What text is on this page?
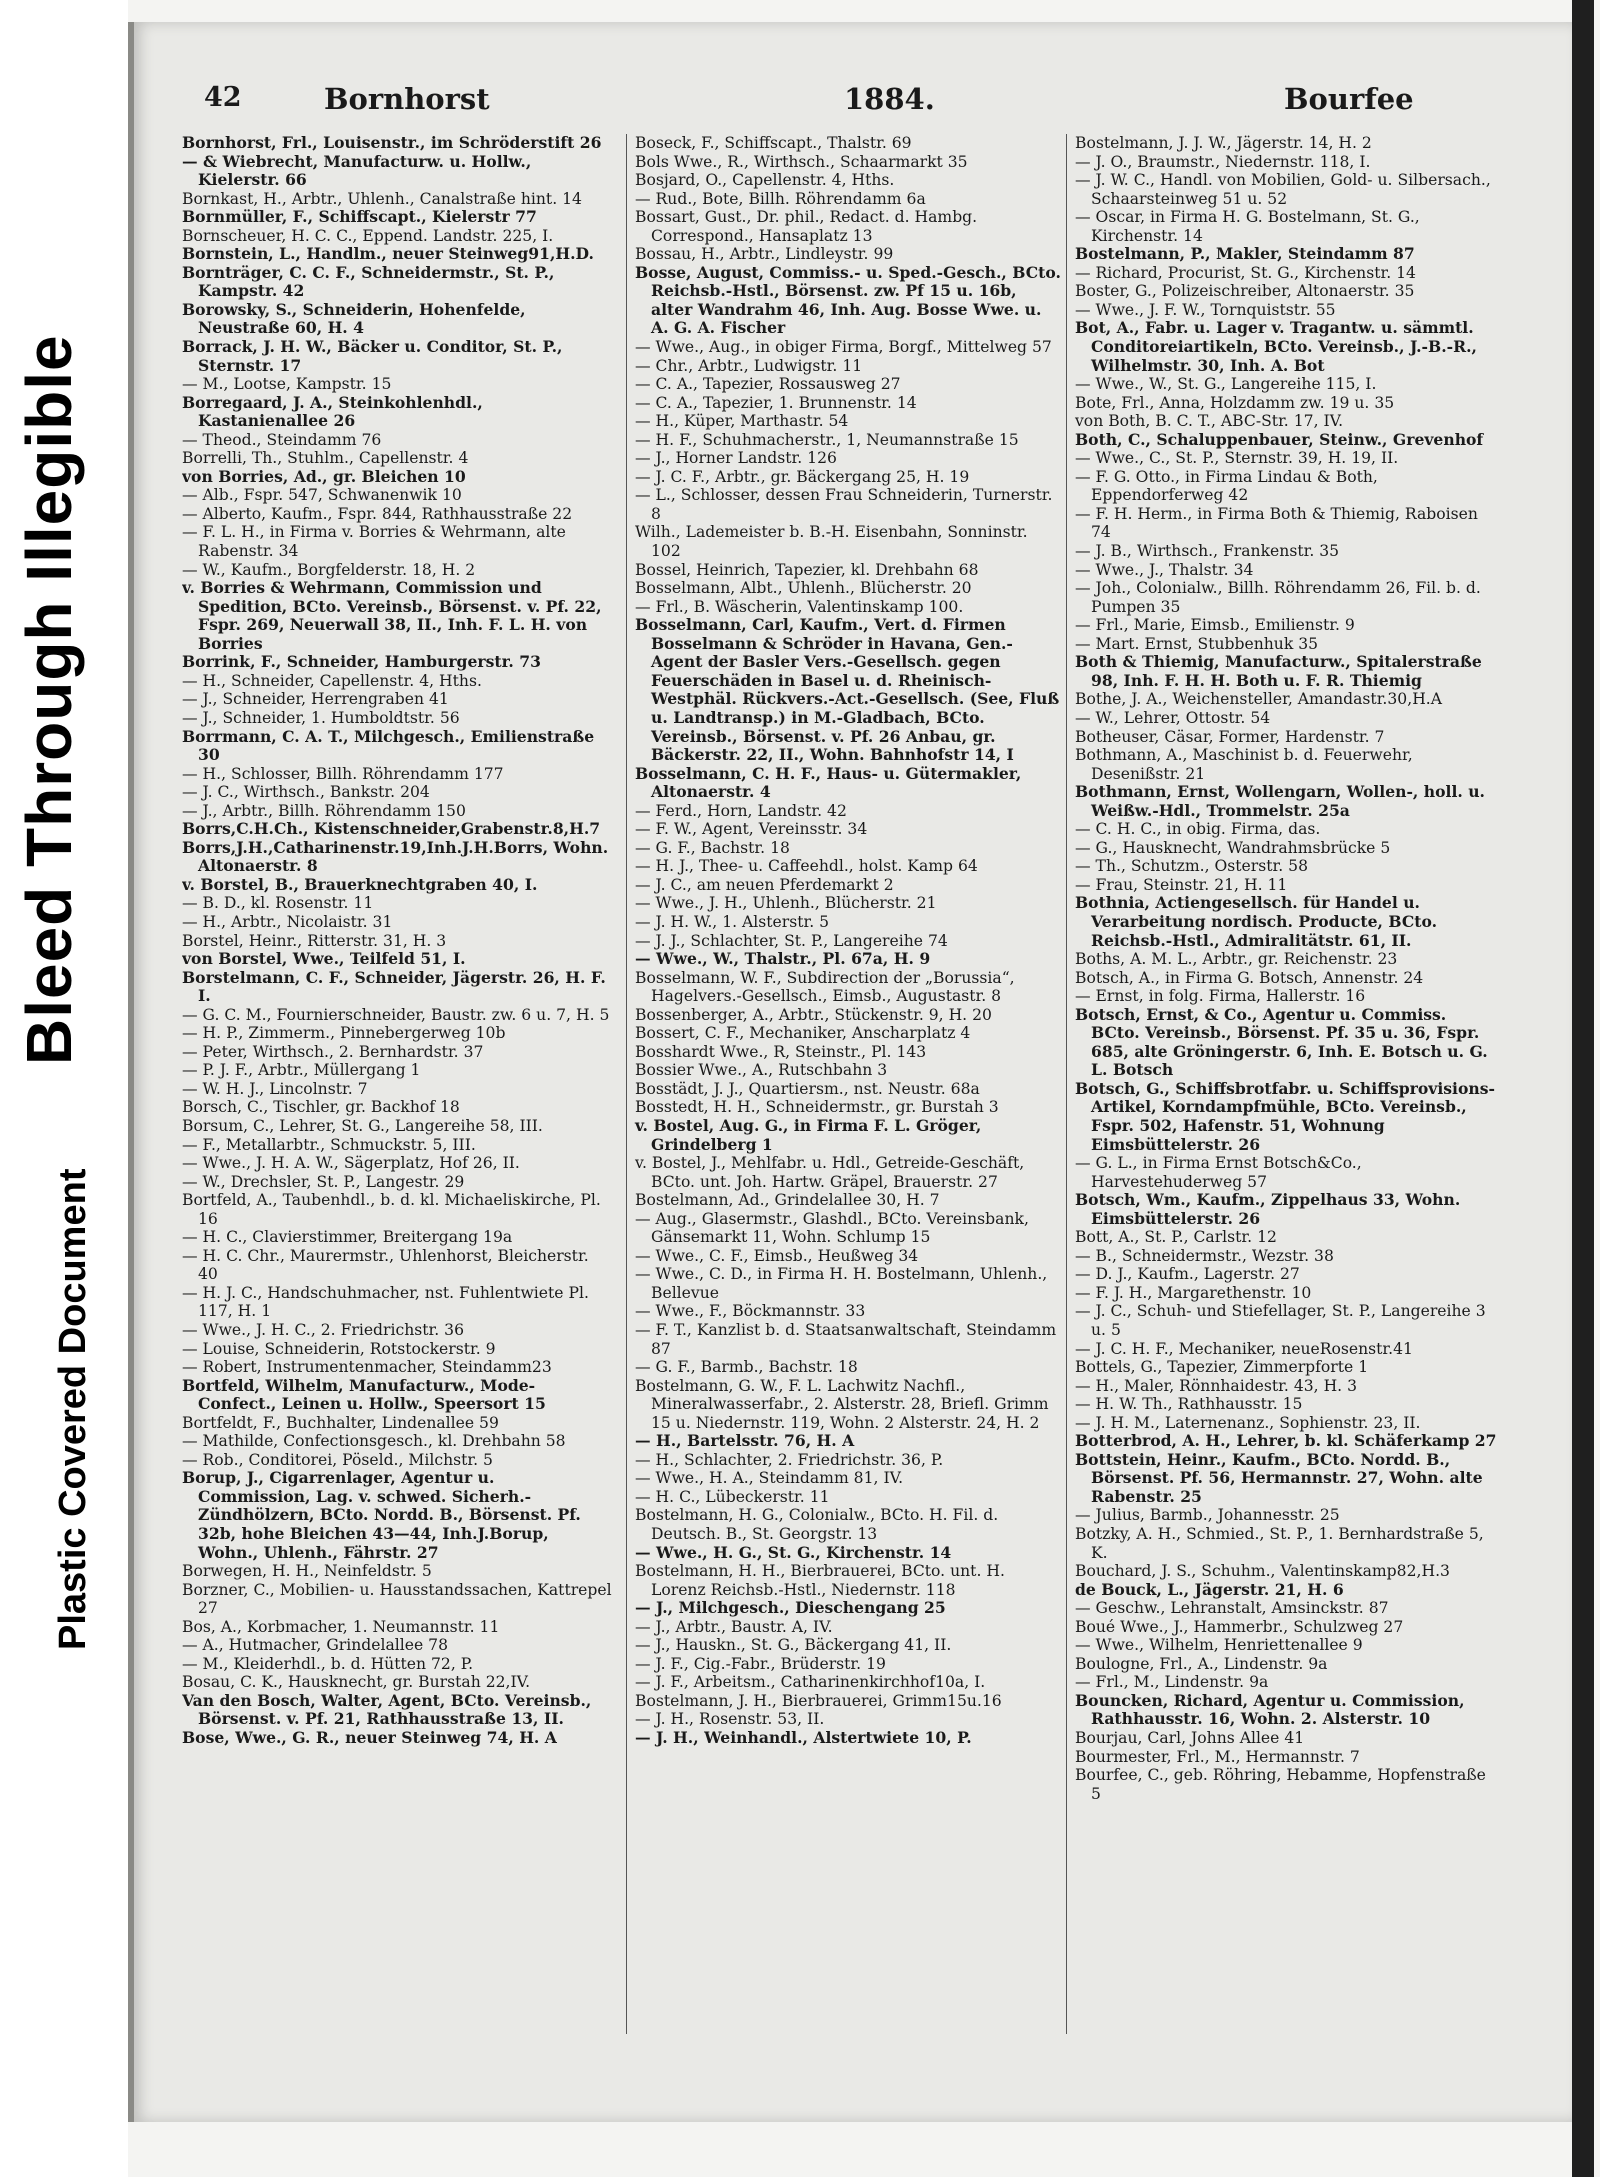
Bleed Through Illegible
Plastic Covered Document
42	Bornhorst	1884.	Bourfee

Bornhorst, Frl., Louisenstr., im Schröderstift 26

— & Wiebrecht, Manufacturw. u. Hollw., Kielerstr. 66

Bornkast, H., Arbtr., Uhlenh., Canalstraße hint. 14

Bornmüller, F., Schiffscapt., Kielerstr 77

Bornscheuer, H. C. C., Eppend. Landstr. 225, I.

Bornstein, L., Handlm., neuer Steinweg91,H.D.

Bornträger, C. C. F., Schneidermstr., St. P., Kampstr. 42

Borowsky, S., Schneiderin, Hohenfelde, Neustraße 60, H. 4

Borrack, J. H. W., Bäcker u. Conditor, St. P., Sternstr. 17

— M., Lootse, Kampstr. 15

Borregaard, J. A., Steinkohlenhdl., Kastanienallee 26

— Theod., Steindamm 76

Borrelli, Th., Stuhlm., Capellenstr. 4

von Borries, Ad., gr. Bleichen 10

— Alb., Fspr. 547, Schwanenwik 10

— Alberto, Kaufm., Fspr. 844, Rathhausstraße 22

— F. L. H., in Firma v. Borries & Wehrmann, alte Rabenstr. 34

— W., Kaufm., Borgfelderstr. 18, H. 2

v. Borries & Wehrmann, Commission und Spedition, BCto. Vereinsb., Börsenst. v. Pf. 22, Fspr. 269, Neuerwall 38, II., Inh. F. L. H. von Borries

Borrink, F., Schneider, Hamburgerstr. 73

— H., Schneider, Capellenstr. 4, Hths.

— J., Schneider, Herrengraben 41

— J., Schneider, 1. Humboldtstr. 56

Borrmann, C. A. T., Milchgesch., Emilienstraße 30

— H., Schlosser, Billh. Röhrendamm 177

— J. C., Wirthsch., Bankstr. 204

— J., Arbtr., Billh. Röhrendamm 150

Borrs,C.H.Ch., Kistenschneider,Grabenstr.8,H.7

Borrs,J.H.,Catharinenstr.19,Inh.J.H.Borrs, Wohn. Altonaerstr. 8

v. Borstel, B., Brauerknechtgraben 40, I.

— B. D., kl. Rosenstr. 11

— H., Arbtr., Nicolaistr. 31

Borstel, Heinr., Ritterstr. 31, H. 3

von Borstel, Wwe., Teilfeld 51, I.

Borstelmann, C. F., Schneider, Jägerstr. 26, H. F. I.

— G. C. M., Fournierschneider, Baustr. zw. 6 u. 7, H. 5

— H. P., Zimmerm., Pinnebergerweg 10b

— Peter, Wirthsch., 2. Bernhardstr. 37

— P. J. F., Arbtr., Müllergang 1

— W. H. J., Lincolnstr. 7

Borsch, C., Tischler, gr. Backhof 18

Borsum, C., Lehrer, St. G., Langereihe 58, III.

— F., Metallarbtr., Schmuckstr. 5, III.

— Wwe., J. H. A. W., Sägerplatz, Hof 26, II.

— W., Drechsler, St. P., Langestr. 29

Bortfeld, A., Taubenhdl., b. d. kl. Michaeliskirche, Pl. 16

— H. C., Clavierstimmer, Breitergang 19a

— H. C. Chr., Maurermstr., Uhlenhorst, Bleicherstr. 40

— H. J. C., Handschuhmacher, nst. Fuhlentwiete Pl. 117, H. 1

— Wwe., J. H. C., 2. Friedrichstr. 36

— Louise, Schneiderin, Rotstockerstr. 9

— Robert, Instrumentenmacher, Steindamm23

Bortfeld, Wilhelm, Manufacturw., Mode-Confect., Leinen u. Hollw., Speersort 15

Bortfeldt, F., Buchhalter, Lindenallee 59

— Mathilde, Confectionsgesch., kl. Drehbahn 58

— Rob., Conditorei, Pöseld., Milchstr. 5

Borup, J., Cigarrenlager, Agentur u. Commission, Lag. v. schwed. Sicherh.-Zündhölzern, BCto. Nordd. B., Börsenst. Pf. 32b, hohe Bleichen 43—44, Inh.J.Borup, Wohn., Uhlenh., Fährstr. 27

Borwegen, H. H., Neinfeldstr. 5

Borzner, C., Mobilien- u. Hausstandssachen, Kattrepel 27

Bos, A., Korbmacher, 1. Neumannstr. 11

— A., Hutmacher, Grindelallee 78

— M., Kleiderhdl., b. d. Hütten 72, P.

Bosau, C. K., Hausknecht, gr. Burstah 22,IV.

Van den Bosch, Walter, Agent, BCto. Vereinsb., Börsenst. v. Pf. 21, Rathhausstraße 13, II.

Bose, Wwe., G. R., neuer Steinweg 74, H. A

Boseck, F., Schiffscapt., Thalstr. 69

Bols Wwe., R., Wirthsch., Schaarmarkt 35

Bosjard, O., Capellenstr. 4, Hths.

— Rud., Bote, Billh. Röhrendamm 6a

Bossart, Gust., Dr. phil., Redact. d. Hambg. Correspond., Hansaplatz 13

Bossau, H., Arbtr., Lindleystr. 99

Bosse, August, Commiss.- u. Sped.-Gesch., BCto. Reichsb.-Hstl., Börsenst. zw. Pf 15 u. 16b, alter Wandrahm 46, Inh. Aug. Bosse Wwe. u. A. G. A. Fischer

— Wwe., Aug., in obiger Firma, Borgf., Mittelweg 57

— Chr., Arbtr., Ludwigstr. 11

— C. A., Tapezier, Rossausweg 27

— C. A., Tapezier, 1. Brunnenstr. 14

— H., Küper, Marthastr. 54

— H. F., Schuhmacherstr., 1, Neumannstraße 15

— J., Horner Landstr. 126

— J. C. F., Arbtr., gr. Bäckergang 25, H. 19

— L., Schlosser, dessen Frau Schneiderin, Turnerstr. 8

Wilh., Lademeister b. B.-H. Eisenbahn, Sonninstr. 102

Bossel, Heinrich, Tapezier, kl. Drehbahn 68

Bosselmann, Albt., Uhlenh., Blücherstr. 20

— Frl., B. Wäscherin, Valentinskamp 100.

Bosselmann, Carl, Kaufm., Vert. d. Firmen Bosselmann & Schröder in Havana, Gen.-Agent der Basler Vers.-Gesellsch. gegen Feuerschäden in Basel u. d. Rheinisch-Westphäl. Rückvers.-Act.-Gesellsch. (See, Fluß u. Landtransp.) in M.-Gladbach, BCto. Vereinsb., Börsenst. v. Pf. 26 Anbau, gr. Bäckerstr. 22, II., Wohn. Bahnhofstr 14, I

Bosselmann, C. H. F., Haus- u. Gütermakler, Altonaerstr. 4

— Ferd., Horn, Landstr. 42

— F. W., Agent, Vereinsstr. 34

— G. F., Bachstr. 18

— H. J., Thee- u. Caffeehdl., holst. Kamp 64

— J. C., am neuen Pferdemarkt 2

— Wwe., J. H., Uhlenh., Blücherstr. 21

— J. H. W., 1. Alsterstr. 5

— J. J., Schlachter, St. P., Langereihe 74

— Wwe., W., Thalstr., Pl. 67a, H. 9

Bosselmann, W. F., Subdirection der „Borussia“, Hagelvers.-Gesellsch., Eimsb., Augustastr. 8

Bossenberger, A., Arbtr., Stückenstr. 9, H. 20

Bossert, C. F., Mechaniker, Anscharplatz 4

Bosshardt Wwe., R, Steinstr., Pl. 143

Bossier Wwe., A., Rutschbahn 3

Bosstädt, J. J., Quartiersm., nst. Neustr. 68a

Bosstedt, H. H., Schneidermstr., gr. Burstah 3

v. Bostel, Aug. G., in Firma F. L. Gröger, Grindelberg 1

v. Bostel, J., Mehlfabr. u. Hdl., Getreide-Geschäft, BCto. unt. Joh. Hartw. Gräpel, Brauerstr. 27

Bostelmann, Ad., Grindelallee 30, H. 7

— Aug., Glasermstr., Glashdl., BCto. Vereinsbank, Gänsemarkt 11, Wohn. Schlump 15

— Wwe., C. F., Eimsb., Heußweg 34

— Wwe., C. D., in Firma H. H. Bostelmann, Uhlenh., Bellevue

— Wwe., F., Böckmannstr. 33

— F. T., Kanzlist b. d. Staatsanwaltschaft, Steindamm 87

— G. F., Barmb., Bachstr. 18

Bostelmann, G. W., F. L. Lachwitz Nachfl., Mineralwasserfabr., 2. Alsterstr. 28, Briefl. Grimm 15 u. Niedernstr. 119, Wohn. 2 Alsterstr. 24, H. 2

— H., Bartelsstr. 76, H. A

— H., Schlachter, 2. Friedrichstr. 36, P.

— Wwe., H. A., Steindamm 81, IV.

— H. C., Lübeckerstr. 11

Bostelmann, H. G., Colonialw., BCto. H. Fil. d. Deutsch. B., St. Georgstr. 13

— Wwe., H. G., St. G., Kirchenstr. 14

Bostelmann, H. H., Bierbrauerei, BCto. unt. H. Lorenz Reichsb.-Hstl., Niedernstr. 118

— J., Milchgesch., Dieschengang 25

— J., Arbtr., Baustr. A, IV.

— J., Hauskn., St. G., Bäckergang 41, II.

— J. F., Cig.-Fabr., Brüderstr. 19

— J. F., Arbeitsm., Catharinenkirchhof10a, I.

Bostelmann, J. H., Bierbrauerei, Grimm15u.16

— J. H., Rosenstr. 53, II.

— J. H., Weinhandl., Alstertwiete 10, P.

Bostelmann, J. J. W., Jägerstr. 14, H. 2

— J. O., Braumstr., Niedernstr. 118, I.

— J. W. C., Handl. von Mobilien, Gold- u. Silbersach., Schaarsteinweg 51 u. 52

— Oscar, in Firma H. G. Bostelmann, St. G., Kirchenstr. 14

Bostelmann, P., Makler, Steindamm 87

— Richard, Procurist, St. G., Kirchenstr. 14

Boster, G., Polizeischreiber, Altonaerstr. 35

— Wwe., J. F. W., Tornquiststr. 55

Bot, A., Fabr. u. Lager v. Tragantw. u. sämmtl. Conditoreiartikeln, BCto. Vereinsb., J.-B.-R., Wilhelmstr. 30, Inh. A. Bot

— Wwe., W., St. G., Langereihe 115, I.

Bote, Frl., Anna, Holzdamm zw. 19 u. 35

von Both, B. C. T., ABC-Str. 17, IV.

Both, C., Schaluppenbauer, Steinw., Grevenhof

— Wwe., C., St. P., Sternstr. 39, H. 19, II.

— F. G. Otto., in Firma Lindau & Both, Eppendorferweg 42

— F. H. Herm., in Firma Both & Thiemig, Raboisen 74

— J. B., Wirthsch., Frankenstr. 35

— Wwe., J., Thalstr. 34

— Joh., Colonialw., Billh. Röhrendamm 26, Fil. b. d. Pumpen 35

— Frl., Marie, Eimsb., Emilienstr. 9

— Mart. Ernst, Stubbenhuk 35

Both & Thiemig, Manufacturw., Spitalerstraße 98, Inh. F. H. H. Both u. F. R. Thiemig

Bothe, J. A., Weichensteller, Amandastr.30,H.A

— W., Lehrer, Ottostr. 54

Botheuser, Cäsar, Former, Hardenstr. 7

Bothmann, A., Maschinist b. d. Feuerwehr, Desenißstr. 21

Bothmann, Ernst, Wollengarn, Wollen-, holl. u. Weißw.-Hdl., Trommelstr. 25a

— C. H. C., in obig. Firma, das.

— G., Hausknecht, Wandrahmsbrücke 5

— Th., Schutzm., Osterstr. 58

— Frau, Steinstr. 21, H. 11

Bothnia, Actiengesellsch. für Handel u. Verarbeitung nordisch. Producte, BCto. Reichsb.-Hstl., Admiralitätstr. 61, II.

Boths, A. M. L., Arbtr., gr. Reichenstr. 23

Botsch, A., in Firma G. Botsch, Annenstr. 24

— Ernst, in folg. Firma, Hallerstr. 16

Botsch, Ernst, & Co., Agentur u. Commiss. BCto. Vereinsb., Börsenst. Pf. 35 u. 36, Fspr. 685, alte Gröningerstr. 6, Inh. E. Botsch u. G. L. Botsch

Botsch, G., Schiffsbrotfabr. u. Schiffsprovisions-Artikel, Korndampfmühle, BCto. Vereinsb., Fspr. 502, Hafenstr. 51, Wohnung Eimsbüttelerstr. 26

— G. L., in Firma Ernst Botsch&Co., Harvestehuderweg 57

Botsch, Wm., Kaufm., Zippelhaus 33, Wohn. Eimsbüttelerstr. 26

Bott, A., St. P., Carlstr. 12

— B., Schneidermstr., Wezstr. 38

— D. J., Kaufm., Lagerstr. 27

— F. J. H., Margarethenstr. 10

— J. C., Schuh- und Stiefellager, St. P., Langereihe 3 u. 5

— J. C. H. F., Mechaniker, neueRosenstr.41

Bottels, G., Tapezier, Zimmerpforte 1

— H., Maler, Rönnhaidestr. 43, H. 3

— H. W. Th., Rathhausstr. 15

— J. H. M., Laternenanz., Sophienstr. 23, II.

Botterbrod, A. H., Lehrer, b. kl. Schäferkamp 27

Bottstein, Heinr., Kaufm., BCto. Nordd. B., Börsenst. Pf. 56, Hermannstr. 27, Wohn. alte Rabenstr. 25

— Julius, Barmb., Johannesstr. 25

Botzky, A. H., Schmied., St. P., 1. Bernhardstraße 5, K.

Bouchard, J. S., Schuhm., Valentinskamp82,H.3

de Bouck, L., Jägerstr. 21, H. 6

— Geschw., Lehranstalt, Amsinckstr. 87

Boué Wwe., J., Hammerbr., Schulzweg 27

— Wwe., Wilhelm, Henriettenallee 9

Boulogne, Frl., A., Lindenstr. 9a

— Frl., M., Lindenstr. 9a

Bouncken, Richard, Agentur u. Commission, Rathhausstr. 16, Wohn. 2. Alsterstr. 10

Bourjau, Carl, Johns Allee 41

Bourmester, Frl., M., Hermannstr. 7

Bourfee, C., geb. Röhring, Hebamme, Hopfenstraße 5
